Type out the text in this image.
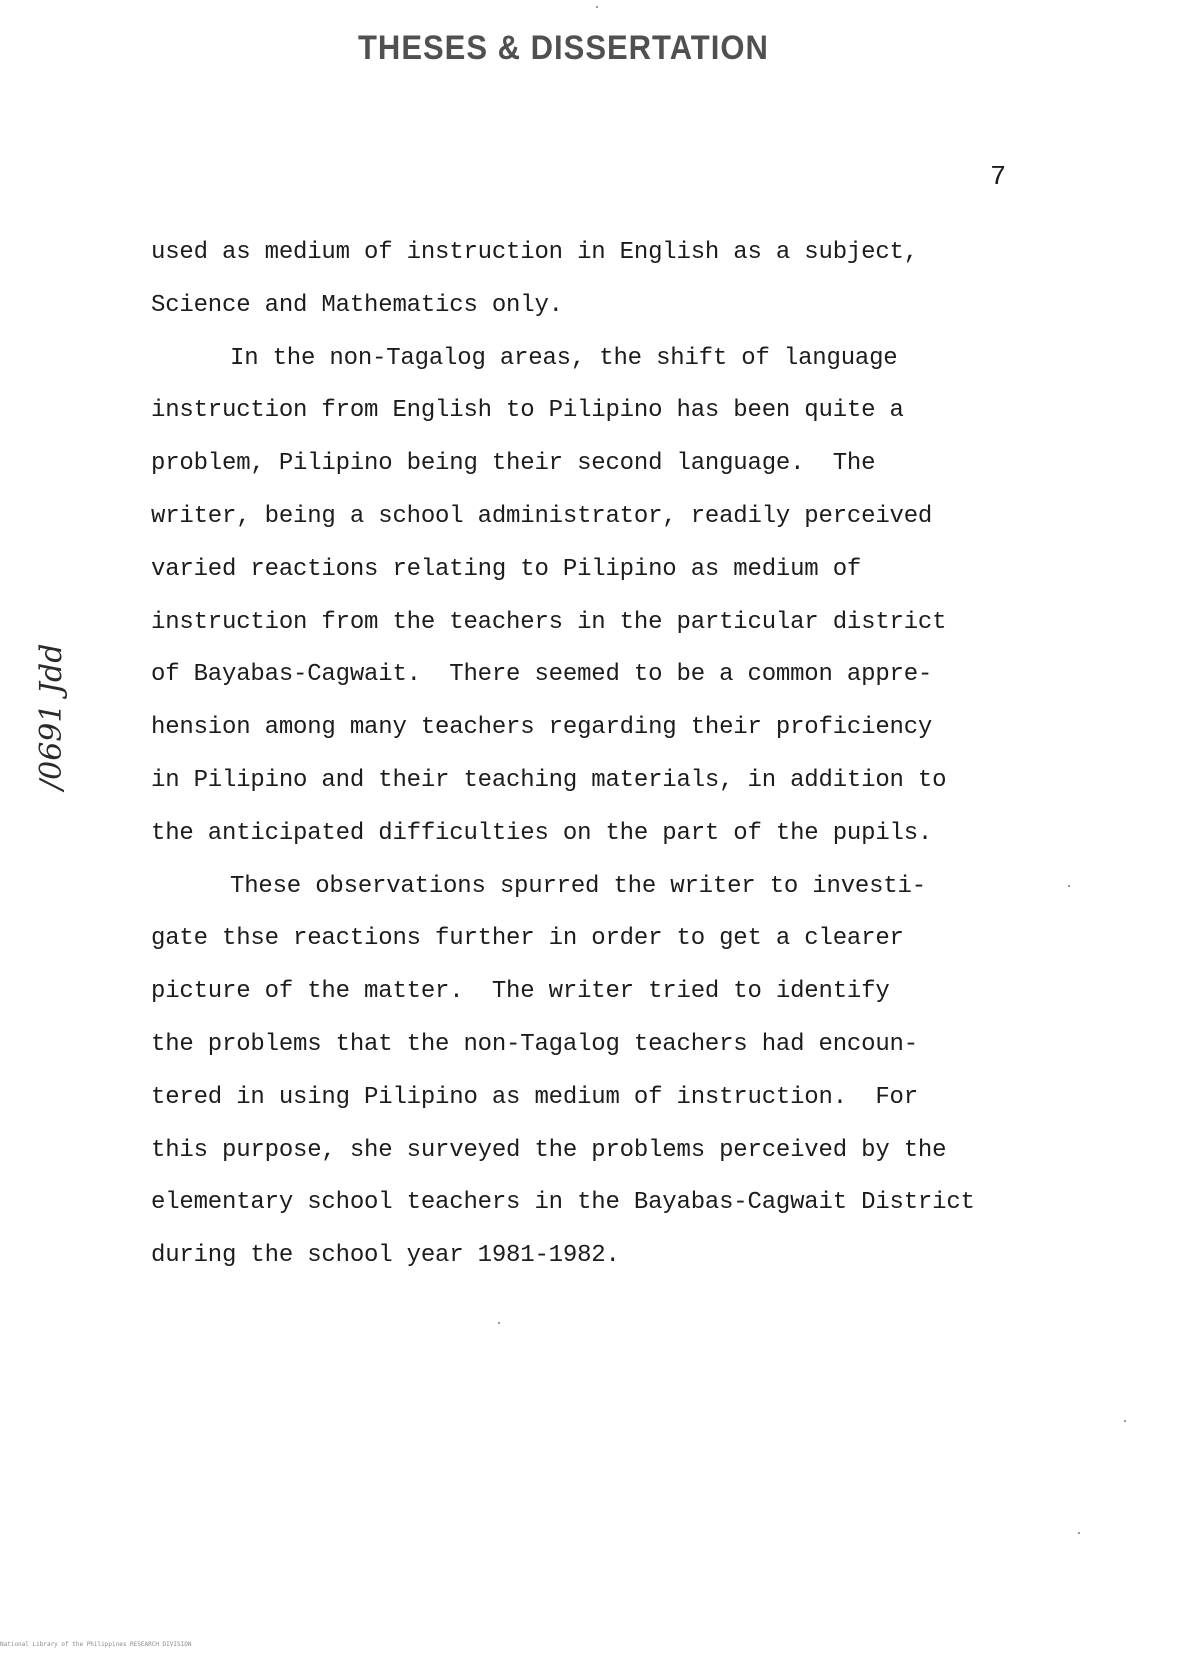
THESES & DISSERTATION
7
/0691 Jdd
used as medium of instruction in English as a subject,
Science and Mathematics only.
In the non-Tagalog areas, the shift of language
instruction from English to Pilipino has been quite a
problem, Pilipino being their second language.  The
writer, being a school administrator, readily perceived
varied reactions relating to Pilipino as medium of
instruction from the teachers in the particular district
of Bayabas-Cagwait.  There seemed to be a common appre-
hension among many teachers regarding their proficiency
in Pilipino and their teaching materials, in addition to
the anticipated difficulties on the part of the pupils.
These observations spurred the writer to investi-
gate thse reactions further in order to get a clearer
picture of the matter.  The writer tried to identify
the problems that the non-Tagalog teachers had encoun-
tered in using Pilipino as medium of instruction.  For
this purpose, she surveyed the problems perceived by the
elementary school teachers in the Bayabas-Cagwait District
during the school year 1981-1982.
National Library of the Philippines RESEARCH DIVISION
